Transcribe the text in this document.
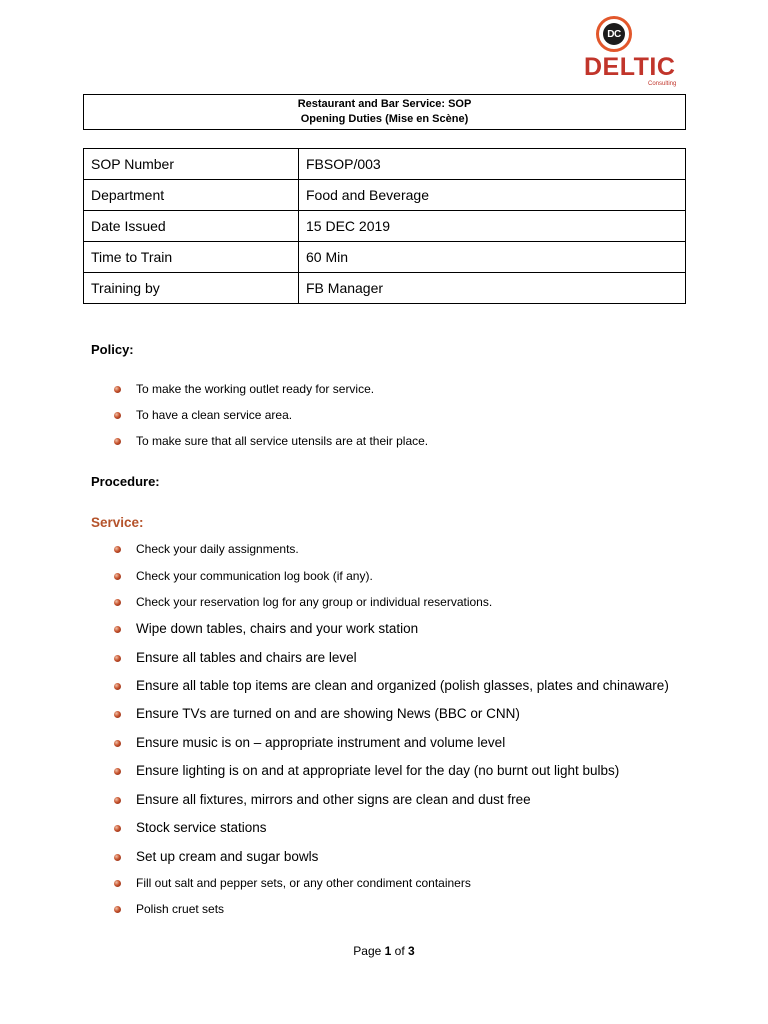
DC
DELTIC
Consulting
Restaurant and Bar Service: SOP
Opening Duties (Mise en Scène)
SOP Number	FBSOP/003
Department	Food and Beverage
Date Issued	15 DEC 2019
Time to Train	60 Min
Training by	FB Manager
Policy:
To make the working outlet ready for service.
To have a clean service area.
To make sure that all service utensils are at their place.
Procedure:
Service:
Check your daily assignments.
Check your communication log book (if any).
Check your reservation log for any group or individual reservations.
Wipe down tables, chairs and your work station
Ensure all tables and chairs are level
Ensure all table top items are clean and organized (polish glasses, plates and chinaware)
Ensure TVs are turned on and are showing News (BBC or CNN)
Ensure music is on – appropriate instrument and volume level
Ensure lighting is on and at appropriate level for the day (no burnt out light bulbs)
Ensure all fixtures, mirrors and other signs are clean and dust free
Stock service stations
Set up cream and sugar bowls
Fill out salt and pepper sets, or any other condiment containers
Polish cruet sets
Page 1 of 3
